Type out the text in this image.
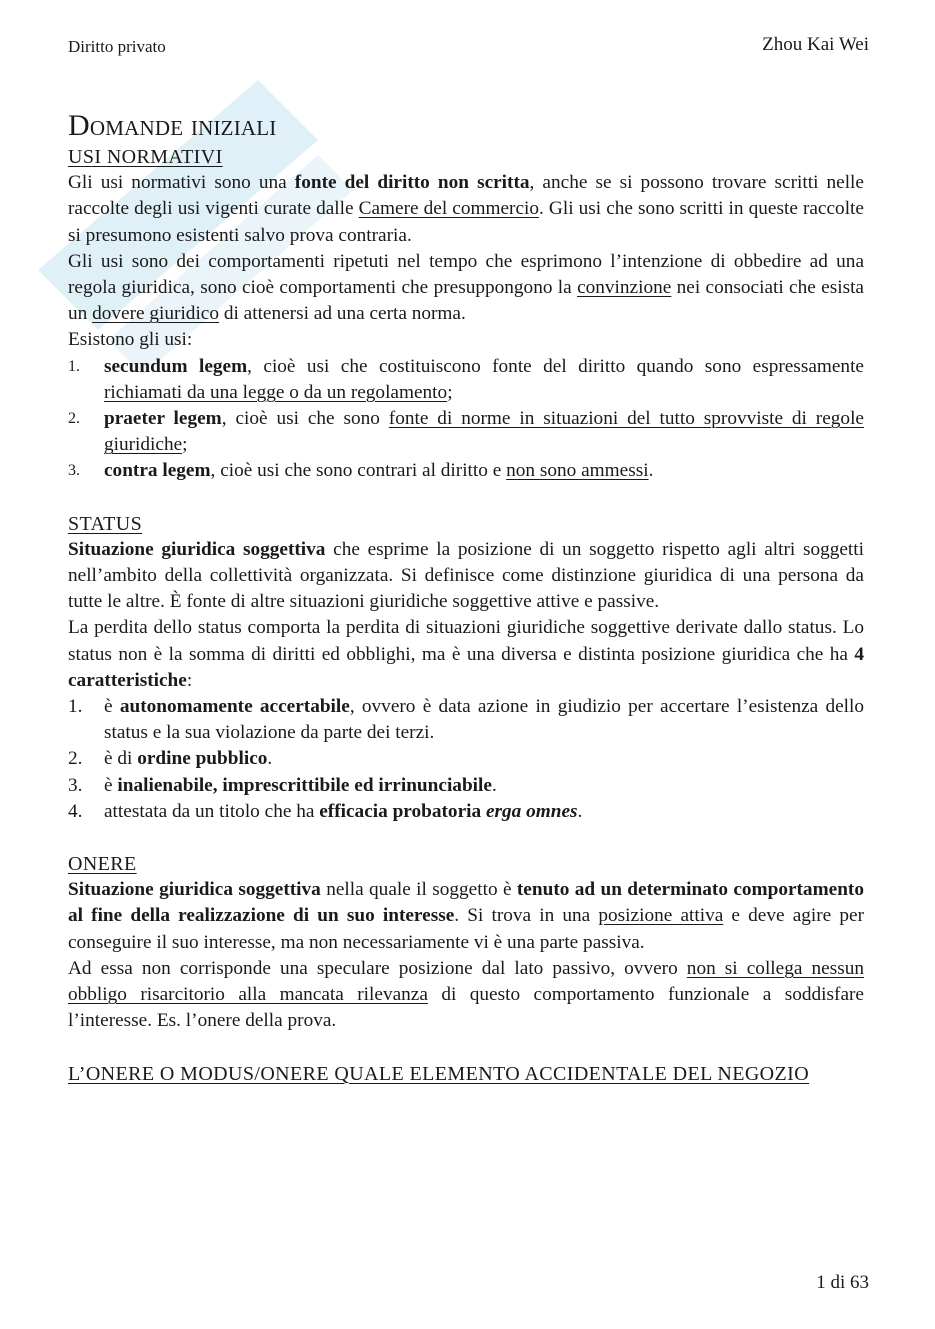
Diritto privato	Zhou Kai Wei
Domande iniziali
USI NORMATIVI

Gli usi normativi sono una fonte del diritto non scritta, anche se si possono trovare scritti nelle raccolte degli usi vigenti curate dalle Camere del commercio. Gli usi che sono scritti in queste raccolte si presumono esistenti salvo prova contraria.

Gli usi sono dei comportamenti ripetuti nel tempo che esprimono l’intenzione di obbedire ad una regola giuridica, sono cioè comportamenti che presuppongono la convinzione nei consociati che esista un dovere giuridico di attenersi ad una certa norma.

Esistono gli usi:

1. secundum legem, cioè usi che costituiscono fonte del diritto quando sono espressamente richiamati da una legge o da un regolamento;
2. praeter legem, cioè usi che sono fonte di norme in situazioni del tutto sprovviste di regole giuridiche;
3. contra legem, cioè usi che sono contrari al diritto e non sono ammessi.
STATUS

Situazione giuridica soggettiva che esprime la posizione di un soggetto rispetto agli altri soggetti nell’ambito della collettività organizzata. Si definisce come distinzione giuridica di una persona da tutte le altre. È fonte di altre situazioni giuridiche soggettive attive e passive.

La perdita dello status comporta la perdita di situazioni giuridiche soggettive derivate dallo status. Lo status non è la somma di diritti ed obblighi, ma è una diversa e distinta posizione giuridica che ha 4 caratteristiche:

1. è autonomamente accertabile, ovvero è data azione in giudizio per accertare l’esistenza dello status e la sua violazione da parte dei terzi.
2. è di ordine pubblico.
3. è inalienabile, imprescrittibile ed irrinunciabile.
4. attestata da un titolo che ha efficacia probatoria erga omnes.
ONERE

Situazione giuridica soggettiva nella quale il soggetto è tenuto ad un determinato comportamento al fine della realizzazione di un suo interesse. Si trova in una posizione attiva e deve agire per conseguire il suo interesse, ma non necessariamente vi è una parte passiva.

Ad essa non corrisponde una speculare posizione dal lato passivo, ovvero non si collega nessun obbligo risarcitorio alla mancata rilevanza di questo comportamento funzionale a soddisfare l’interesse. Es. l’onere della prova.

L’ONERE O MODUS/ONERE QUALE ELEMENTO ACCIDENTALE DEL NEGOZIO
1 di 63
